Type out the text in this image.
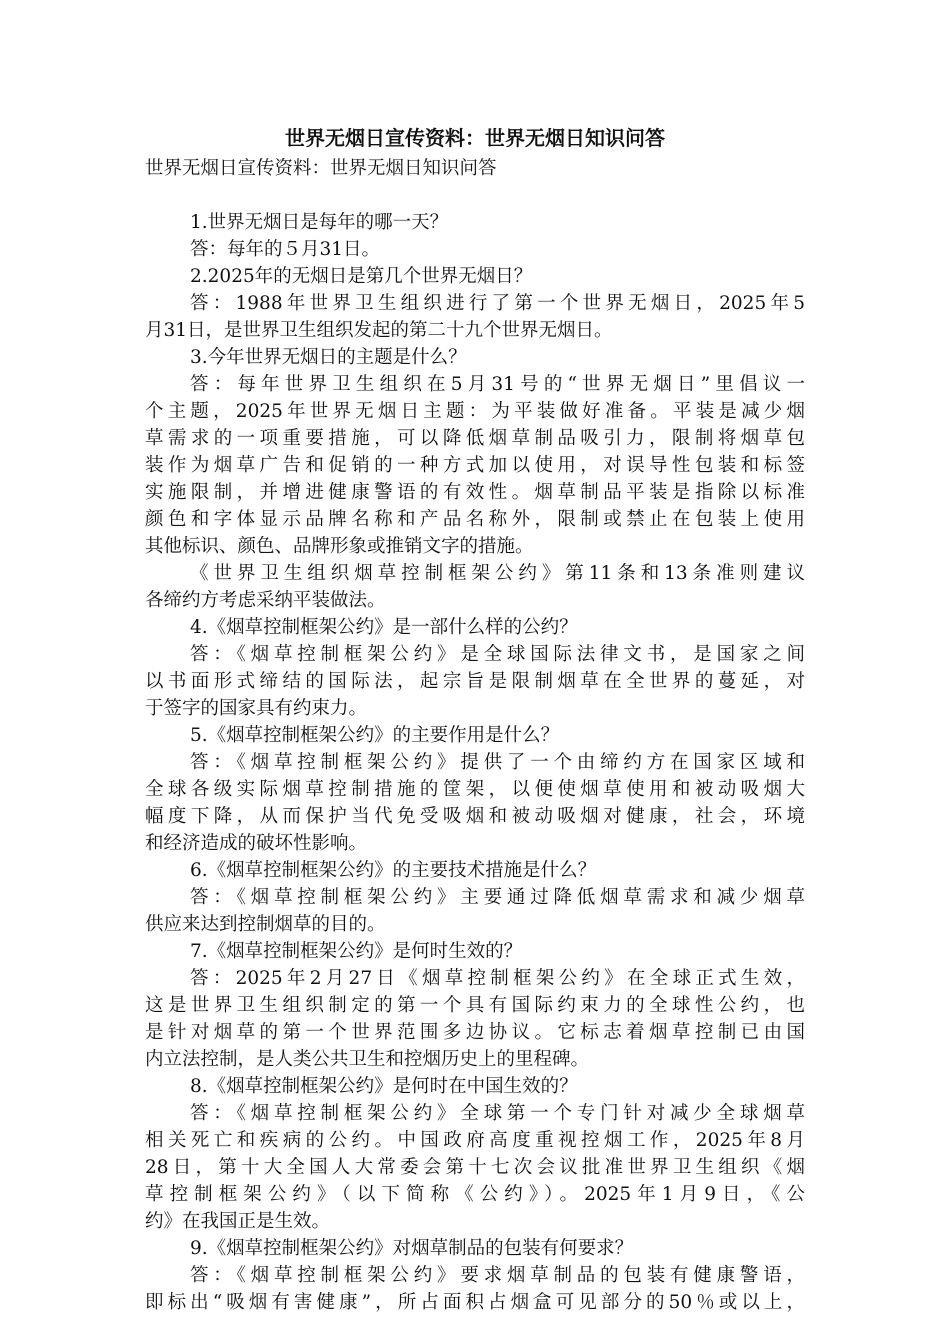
世界无烟日宣传资料：世界无烟日知识问答
世界无烟日宣传资料：世界无烟日知识问答
1.世界无烟日是每年的哪一天？
答：每年的５月31日。
2.2025年的无烟日是第几个世界无烟日？
答：1988年世界卫生组织进行了第一个世界无烟日，2025年5
月31日，是世界卫生组织发起的第二十九个世界无烟日。
3.今年世界无烟日的主题是什么？
答：每年世界卫生组织在5月31号的“世界无烟日”里倡议一
个主题，2025年世界无烟日主题：为平装做好准备。平装是减少烟
草需求的一项重要措施，可以降低烟草制品吸引力，限制将烟草包
装作为烟草广告和促销的一种方式加以使用，对误导性包装和标签
实施限制，并增进健康警语的有效性。烟草制品平装是指除以标准
颜色和字体显示品牌名称和产品名称外，限制或禁止在包装上使用
其他标识、颜色、品牌形象或推销文字的措施。
《世界卫生组织烟草控制框架公约》第11条和13条准则建议
各缔约方考虑采纳平装做法。
4.《烟草控制框架公约》是一部什么样的公约？
答：《烟草控制框架公约》是全球国际法律文书，是国家之间
以书面形式缔结的国际法，起宗旨是限制烟草在全世界的蔓延，对
于签字的国家具有约束力。
5.《烟草控制框架公约》的主要作用是什么？
答：《烟草控制框架公约》提供了一个由缔约方在国家区域和
全球各级实际烟草控制措施的筐架，以便使烟草使用和被动吸烟大
幅度下降，从而保护当代免受吸烟和被动吸烟对健康，社会，环境
和经济造成的破坏性影响。
6.《烟草控制框架公约》的主要技术措施是什么？
答：《烟草控制框架公约》主要通过降低烟草需求和减少烟草
供应来达到控制烟草的目的。
7.《烟草控制框架公约》是何时生效的？
答：2025年2月27日《烟草控制框架公约》在全球正式生效，
这是世界卫生组织制定的第一个具有国际约束力的全球性公约，也
是针对烟草的第一个世界范围多边协议。它标志着烟草控制已由国
内立法控制，是人类公共卫生和控烟历史上的里程碑。
8.《烟草控制框架公约》是何时在中国生效的？
答：《烟草控制框架公约》全球第一个专门针对减少全球烟草
相关死亡和疾病的公约。中国政府高度重视控烟工作，2025年8月
28日，第十大全国人大常委会第十七次会议批准世界卫生组织《烟
草控制框架公约》（以下简称《公约》）。2025年1月9日，《公
约》在我国正是生效。
9.《烟草控制框架公约》对烟草制品的包装有何要求？
答：《烟草控制框架公约》要求烟草制品的包装有健康警语，
即标出“吸烟有害健康”，所占面积占烟盒可见部分的50％或以上，
